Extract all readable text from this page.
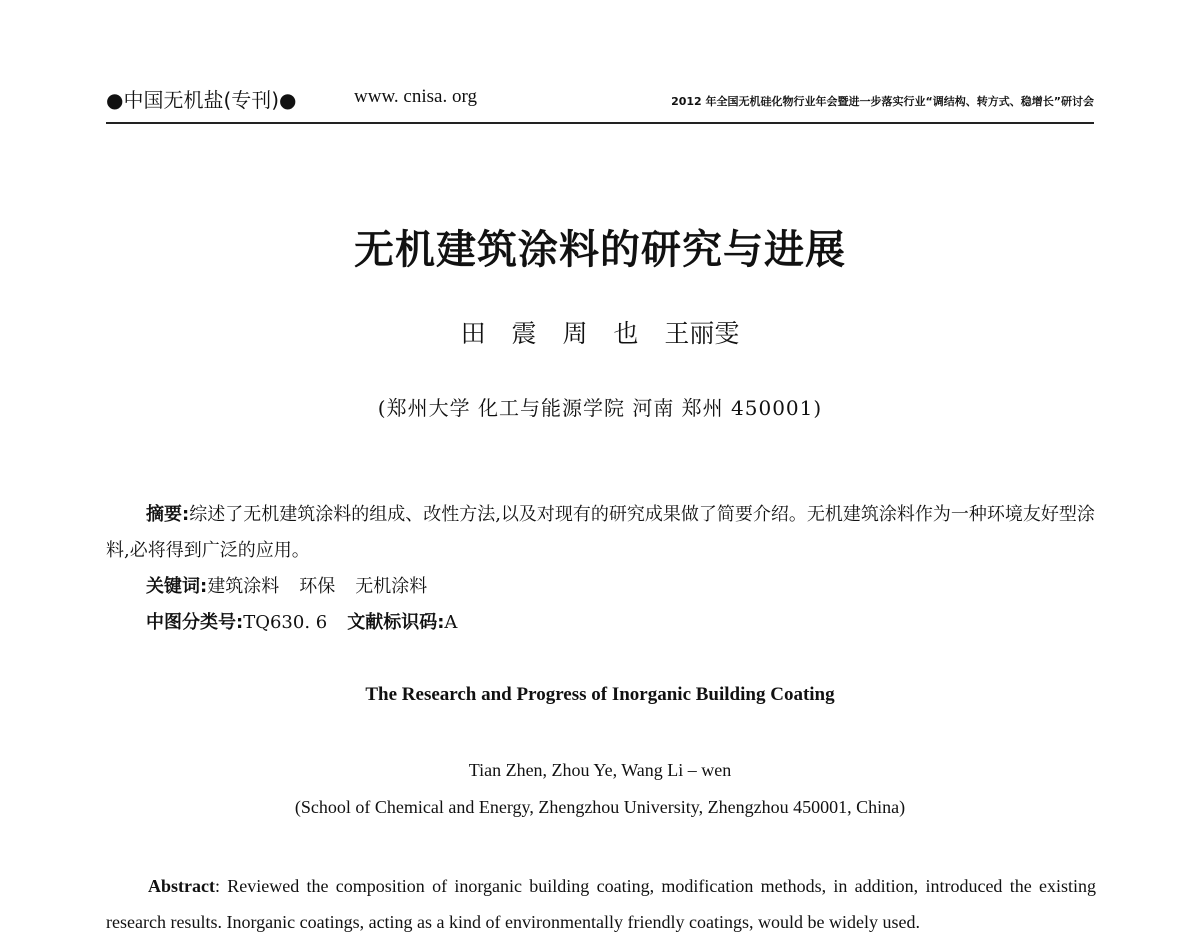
●中国无机盐(专刊)●	www. cnisa. org	2012 年全国无机硅化物行业年会暨进一步落实行业“调结构、转方式、稳增长”研讨会
无机建筑涂料的研究与进展
田 震 周 也 王丽雯
(郑州大学 化工与能源学院 河南 郑州 450001)

摘要:综述了无机建筑涂料的组成、改性方法,以及对现有的研究成果做了简要介绍。无机建筑涂料作为一种环境友好型涂料,必将得到广泛的应用。

关键词:建筑涂料 环保 无机涂料
中图分类号:TQ630. 6 文献标识码:A
The Research and Progress of Inorganic Building Coating
Tian Zhen, Zhou Ye, Wang Li – wen
(School of Chemical and Energy, Zhengzhou University, Zhengzhou 450001, China)

Abstract: Reviewed the composition of inorganic building coating, modification methods, in addition, introduced the existing research results. Inorganic coatings, acting as a kind of environmentally friendly coatings, would be widely used.
